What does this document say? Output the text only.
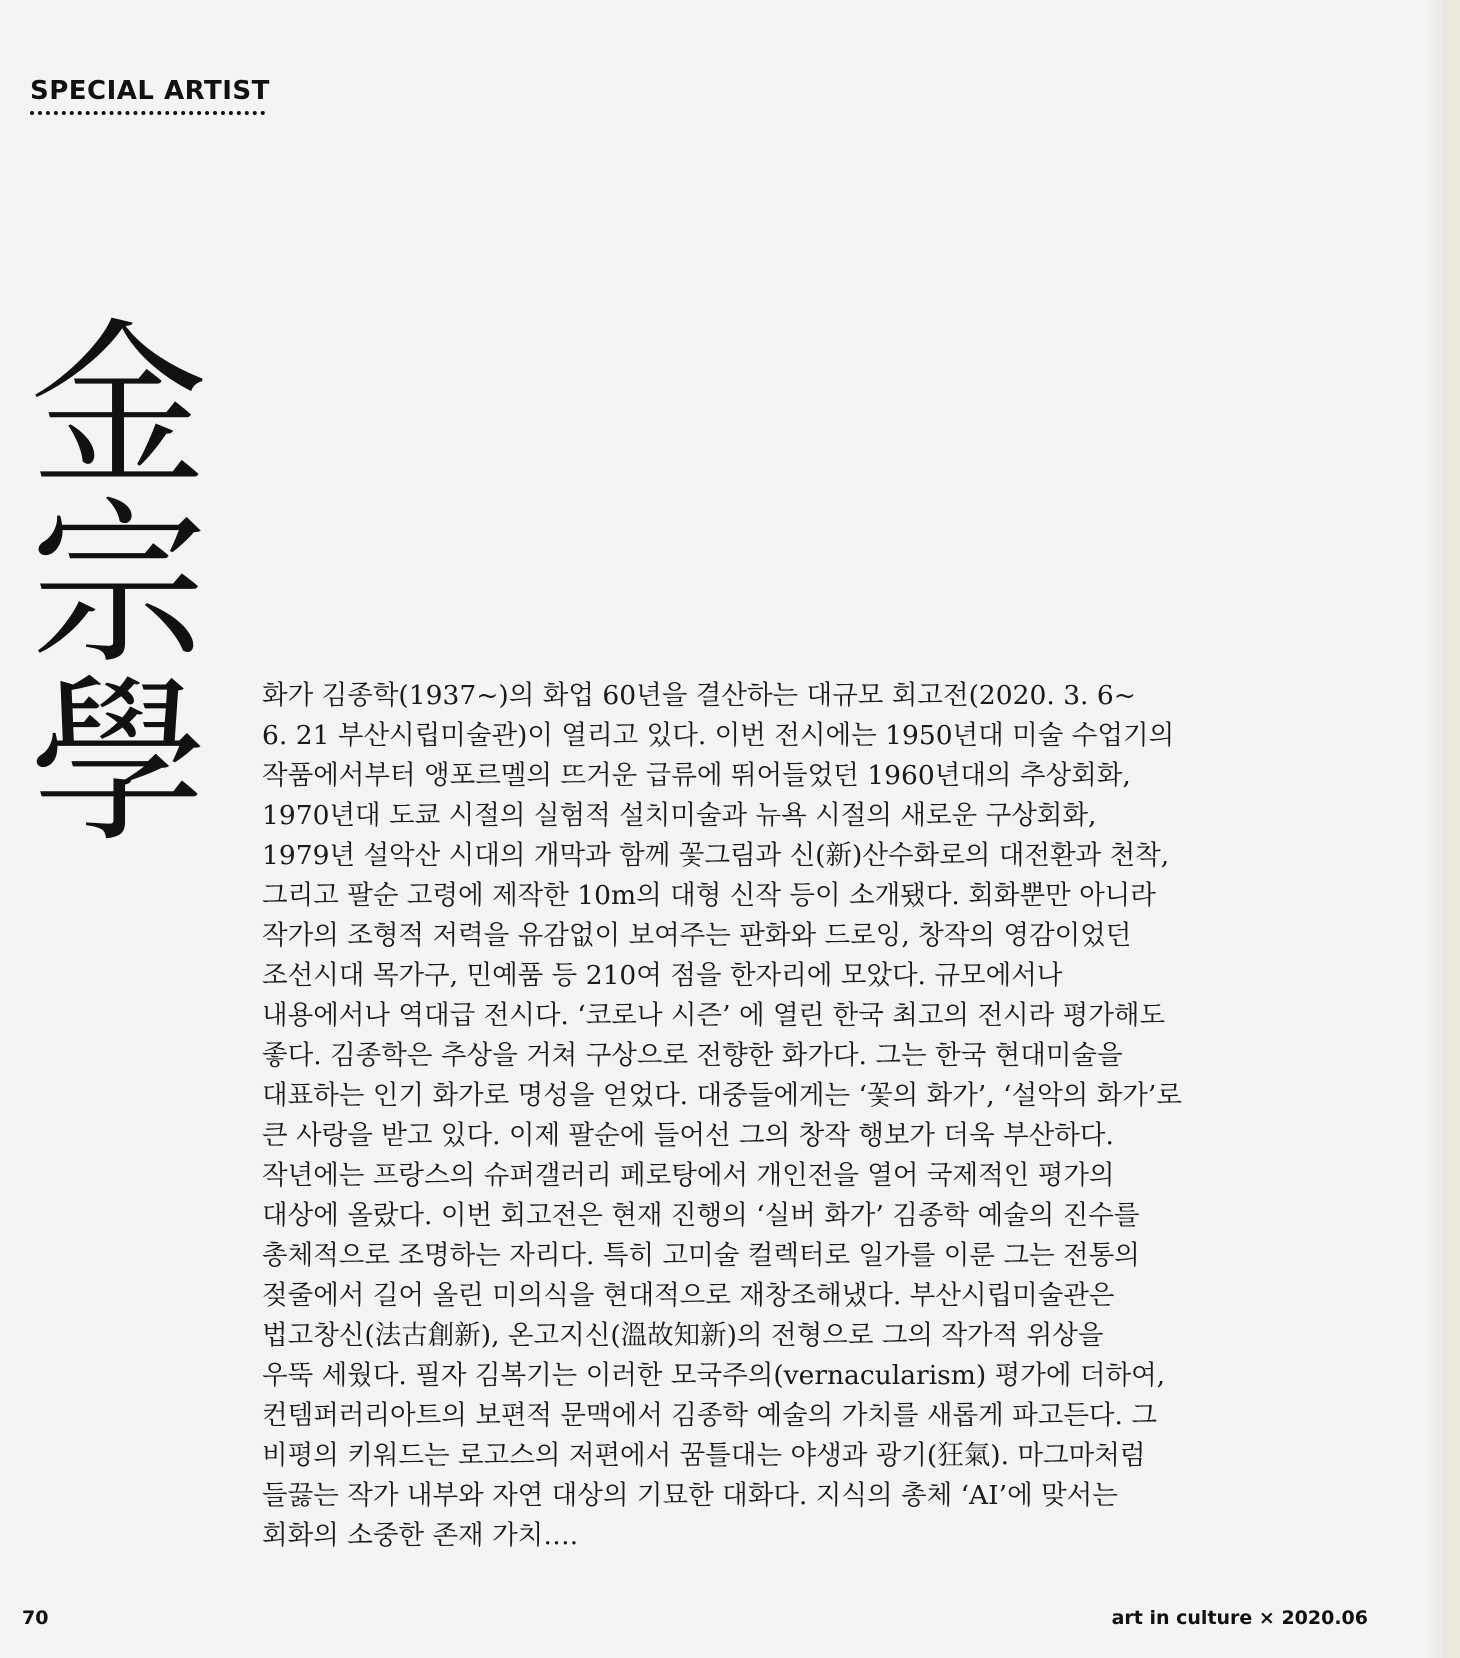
SPECIAL ARTIST
金
宗
學	화가 김종학(1937~)의 화업 60년을 결산하는 대규모 회고전(2020. 3. 6~
6. 21 부산시립미술관)이 열리고 있다. 이번 전시에는 1950년대 미술 수업기의
작품에서부터 앵포르멜의 뜨거운 급류에 뛰어들었던 1960년대의 추상회화,
1970년대 도쿄 시절의 실험적 설치미술과 뉴욕 시절의 새로운 구상회화,
1979년 설악산 시대의 개막과 함께 꽃그림과 신(新)산수화로의 대전환과 천착,
그리고 팔순 고령에 제작한 10m의 대형 신작 등이 소개됐다. 회화뿐만 아니라
작가의 조형적 저력을 유감없이 보여주는 판화와 드로잉, 창작의 영감이었던
조선시대 목가구, 민예품 등 210여 점을 한자리에 모았다. 규모에서나
내용에서나 역대급 전시다. ‘코로나 시즌’ 에 열린 한국 최고의 전시라 평가해도
좋다. 김종학은 추상을 거쳐 구상으로 전향한 화가다. 그는 한국 현대미술을
대표하는 인기 화가로 명성을 얻었다. 대중들에게는 ‘꽃의 화가’, ‘설악의 화가’로
큰 사랑을 받고 있다. 이제 팔순에 들어선 그의 창작 행보가 더욱 부산하다.
작년에는 프랑스의 슈퍼갤러리 페로탕에서 개인전을 열어 국제적인 평가의
대상에 올랐다. 이번 회고전은 현재 진행의 ‘실버 화가’ 김종학 예술의 진수를
총체적으로 조명하는 자리다. 특히 고미술 컬렉터로 일가를 이룬 그는 전통의
젖줄에서 길어 올린 미의식을 현대적으로 재창조해냈다. 부산시립미술관은
법고창신(法古創新), 온고지신(溫故知新)의 전형으로 그의 작가적 위상을
우뚝 세웠다. 필자 김복기는 이러한 모국주의(vernacularism) 평가에 더하여,
컨템퍼러리아트의 보편적 문맥에서 김종학 예술의 가치를 새롭게 파고든다. 그
비평의 키워드는 로고스의 저편에서 꿈틀대는 야생과 광기(狂氣). 마그마처럼
들끓는 작가 내부와 자연 대상의 기묘한 대화다. 지식의 총체 ‘AI’에 맞서는
회화의 소중한 존재 가치….
70	art in culture × 2020.06
